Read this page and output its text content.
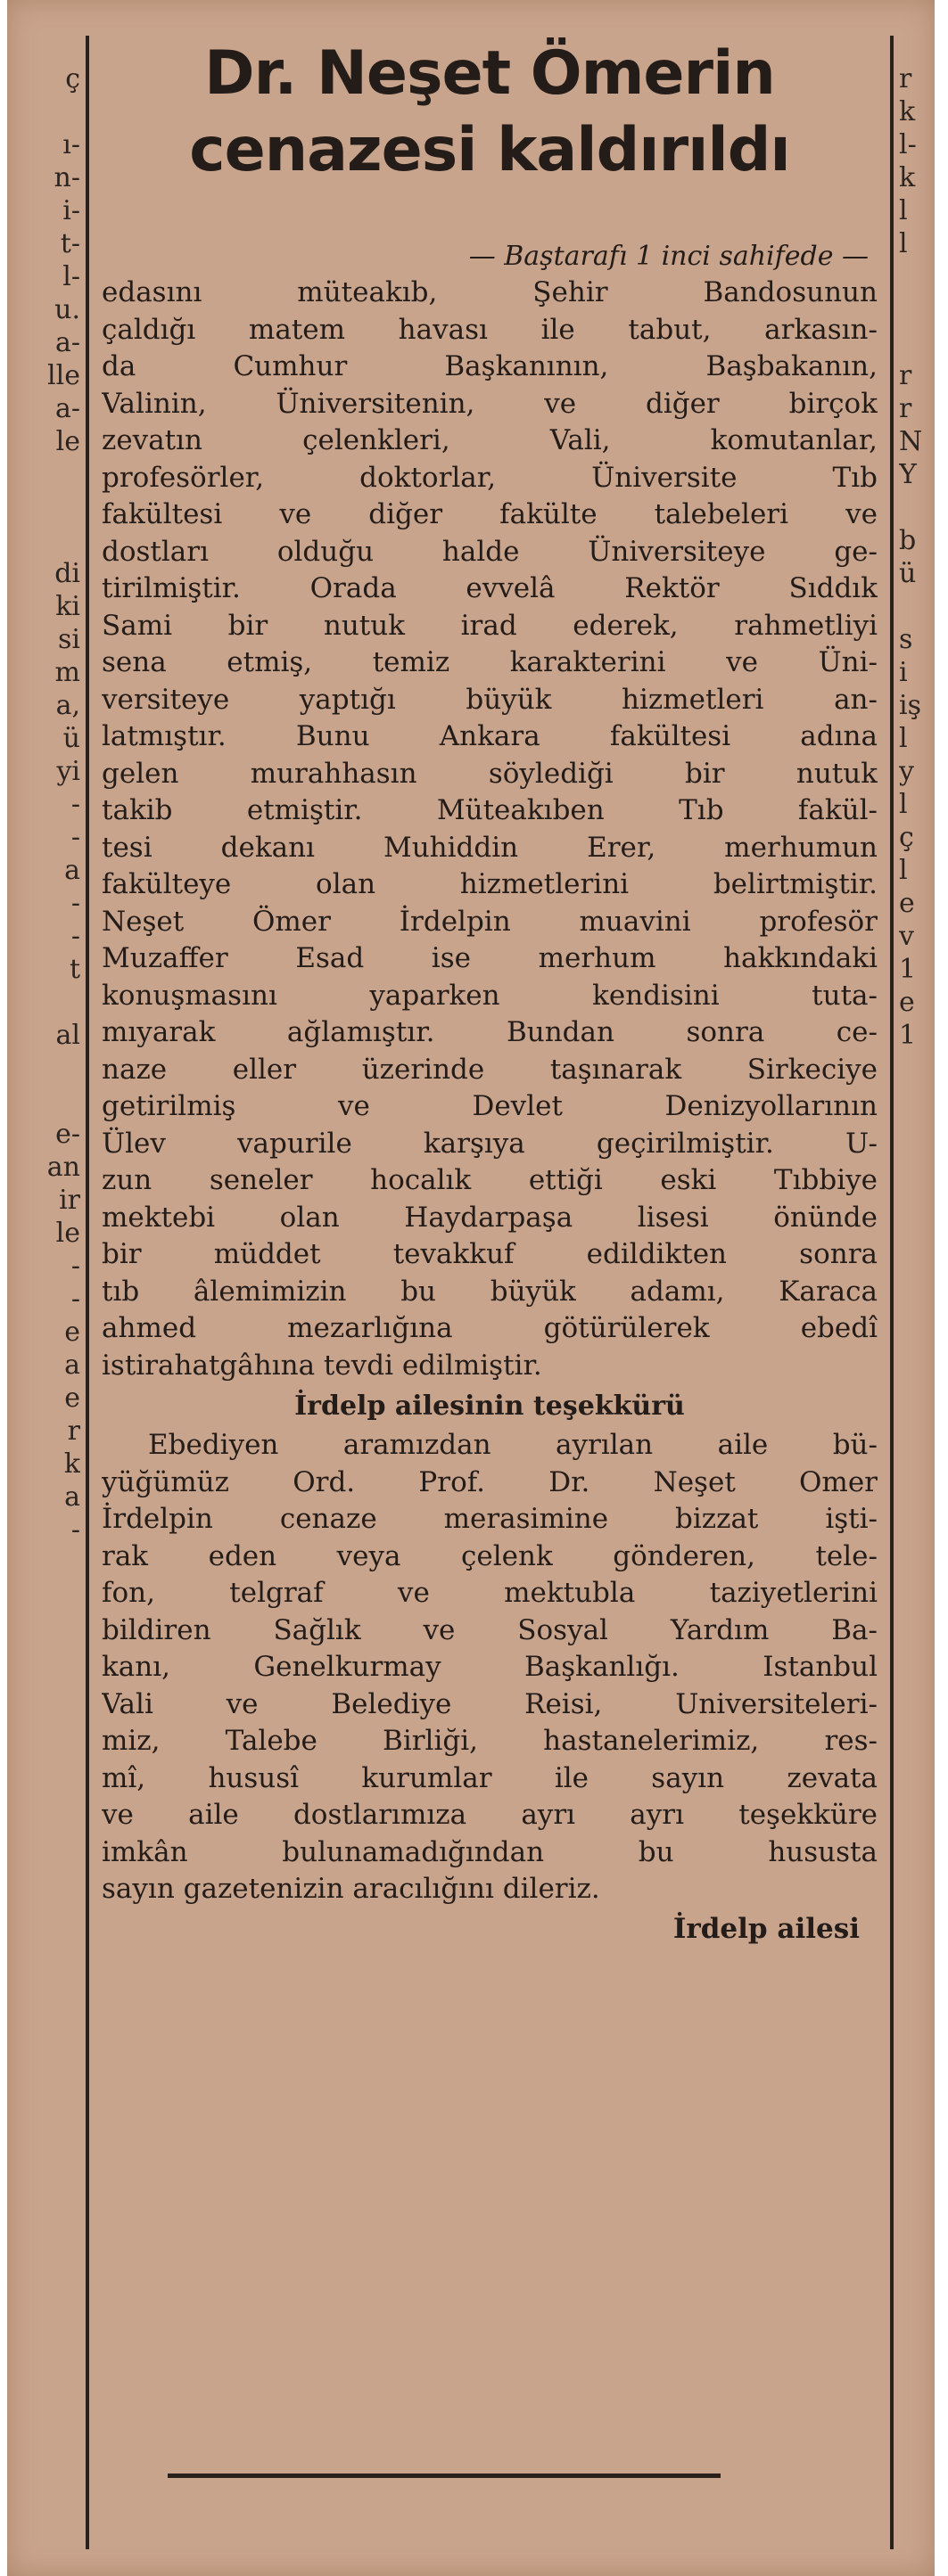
ç
ı-
n-
i-
t-
l-
u.
a-
lle
a-
le
di
ki
si
m
a,
ü
yi
-
-
a
-
-
t
al
e-
an
ir
le
-
-
e
a
e
r
k
a
-
r
k
l-
k
l
l
r
r
N
Y
b
ü
s
i
iş
l
y
l
ç
l
e
v
1
e
1
Dr. Neşet Ömerin
cenazesi kaldırıldı
— Baştarafı 1 inci sahifede —
edasını müteakıb, Şehir Bandosunun
çaldığı matem havası ile tabut, arkasın-
da Cumhur Başkanının, Başbakanın,
Valinin, Üniversitenin, ve diğer birçok
zevatın çelenkleri, Vali, komutanlar,
profesörler, doktorlar, Üniversite Tıb
fakültesi ve diğer fakülte talebeleri ve
dostları olduğu halde Üniversiteye ge-
tirilmiştir. Orada evvelâ Rektör Sıddık
Sami bir nutuk irad ederek, rahmetliyi
sena etmiş, temiz karakterini ve Üni-
versiteye yaptığı büyük hizmetleri an-
latmıştır. Bunu Ankara fakültesi adına
gelen murahhasın söylediği bir nutuk
takib etmiştir. Müteakıben Tıb fakül-
tesi dekanı Muhiddin Erer, merhumun
fakülteye olan hizmetlerini belirtmiştir.
Neşet Ömer İrdelpin muavini profesör
Muzaffer Esad ise merhum hakkındaki
konuşmasını yaparken kendisini tuta-
mıyarak ağlamıştır. Bundan sonra ce-
naze eller üzerinde taşınarak Sirkeciye
getirilmiş ve Devlet Denizyollarının
Ülev vapurile karşıya geçirilmiştir. U-
zun seneler hocalık ettiği eski Tıbbiye
mektebi olan Haydarpaşa lisesi önünde
bir müddet tevakkuf edildikten sonra
tıb âlemimizin bu büyük adamı, Karaca
ahmed mezarlığına götürülerek ebedî
istirahatgâhına tevdi edilmiştir.
İrdelp ailesinin teşekkürü
Ebediyen aramızdan ayrılan aile bü-
yüğümüz Ord. Prof. Dr. Neşet Omer
İrdelpin cenaze merasimine bizzat işti-
rak eden veya çelenk gönderen, tele-
fon, telgraf ve mektubla taziyetlerini
bildiren Sağlık ve Sosyal Yardım Ba-
kanı, Genelkurmay Başkanlığı. Istanbul
Vali ve Belediye Reisi, Universiteleri-
miz, Talebe Birliği, hastanelerimiz, res-
mî, hususî kurumlar ile sayın zevata
ve aile dostlarımıza ayrı ayrı teşekküre
imkân bulunamadığından bu hususta
sayın gazetenizin aracılığını dileriz.
İrdelp ailesi
